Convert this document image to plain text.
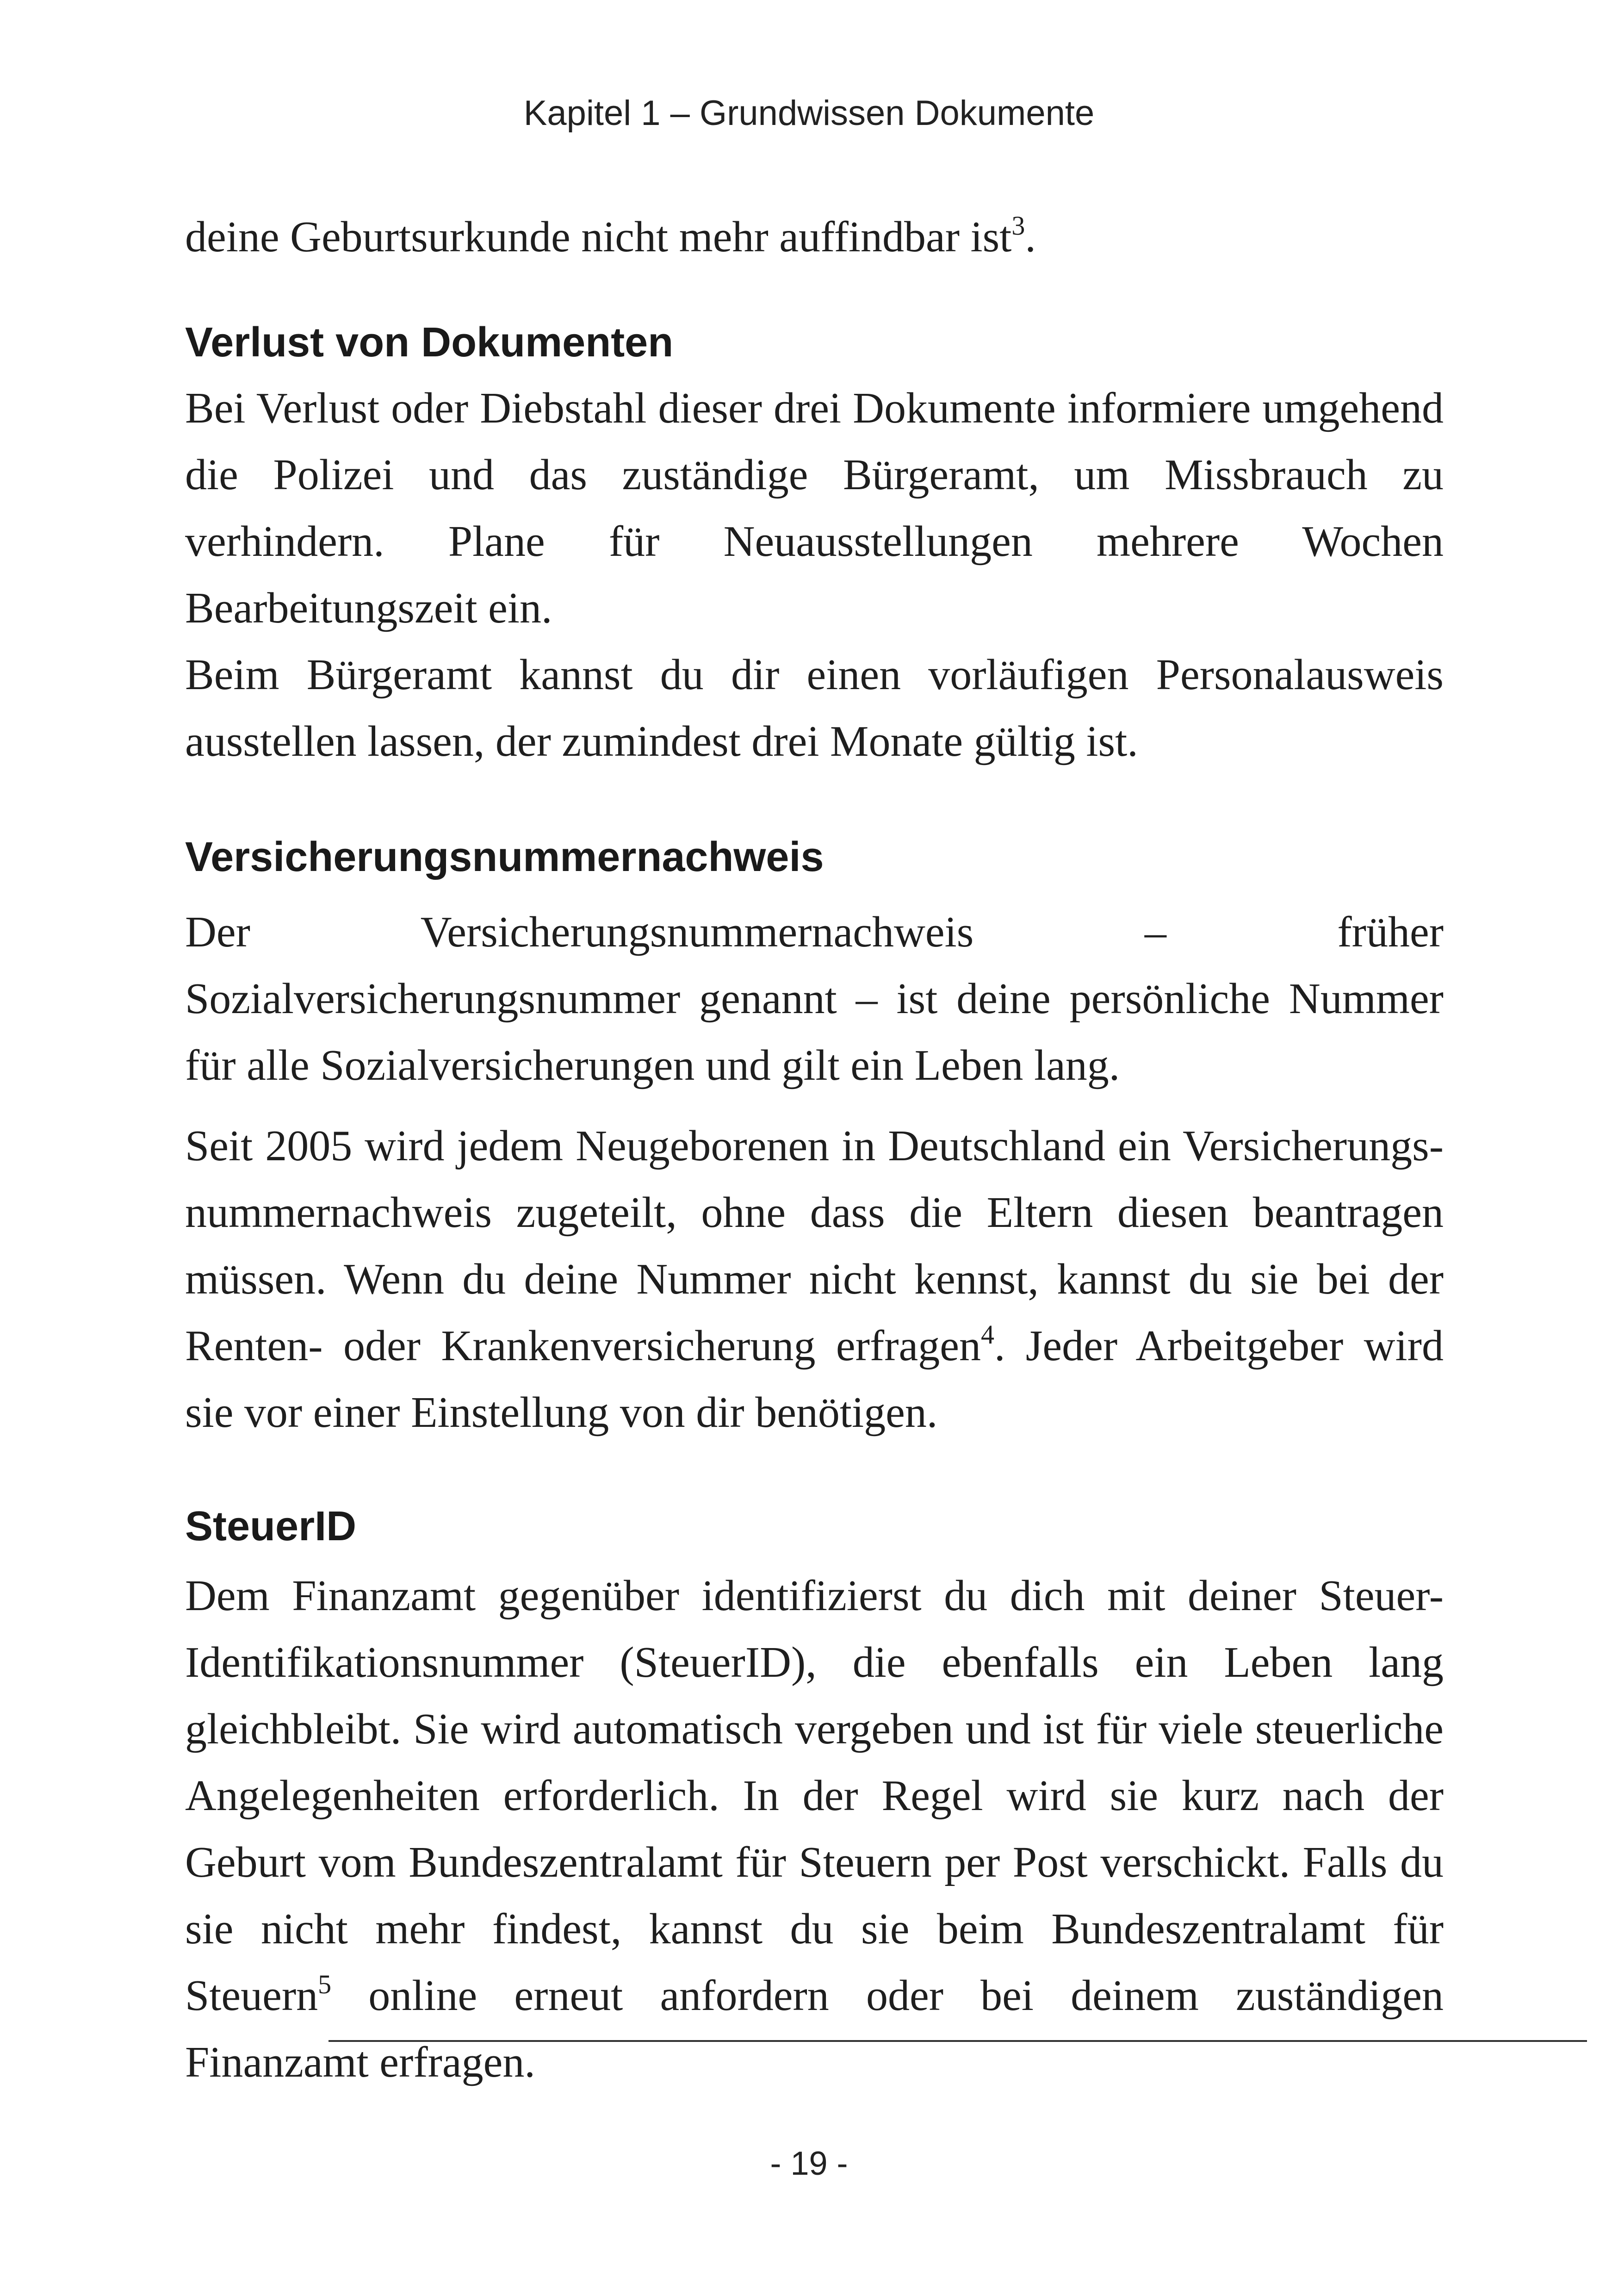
Kapitel 1 – Grundwissen Dokumente

deine Geburtsurkunde nicht mehr auffindbar ist$^3$.

Verlust von Dokumenten

Bei Verlust oder Diebstahl dieser drei Dokumente informiere umgehend die Polizei und das zuständige Bürgeramt, um Missbrauch zu verhindern. Plane für Neuausstellungen mehrere Wochen Bearbeitungszeit ein.

Beim Bürgeramt kannst du dir einen vorläufigen Personalausweis ausstellen lassen, der zumindest drei Monate gültig ist.

Versicherungsnummernachweis

Der Versicherungsnummernachweis – früher Sozialversicherungsnummer genannt – ist deine persönliche Nummer für alle Sozialversicherungen und gilt ein Leben lang.

Seit 2005 wird jedem Neugeborenen in Deutschland ein Versicherungsnummernachweis zugeteilt, ohne dass die Eltern diesen beantragen müssen. Wenn du deine Nummer nicht kennst, kannst du sie bei der Renten- oder Krankenversicherung erfragen$^4$. Jeder Arbeitgeber wird sie vor einer Einstellung von dir benötigen.

SteuerID

Dem Finanzamt gegenüber identifizierst du dich mit deiner Steuer-Identifikationsnummer (SteuerID), die ebenfalls ein Leben lang gleichbleibt. Sie wird automatisch vergeben und ist für viele steuerliche Angelegenheiten erforderlich. In der Regel wird sie kurz nach der Geburt vom Bundeszentralamt für Steuern per Post verschickt. Falls du sie nicht mehr findest, kannst du sie beim Bundeszentralamt für Steuern$^5$ online erneut anfordern oder bei deinem zuständigen Finanzamt erfragen.

- 19 -
